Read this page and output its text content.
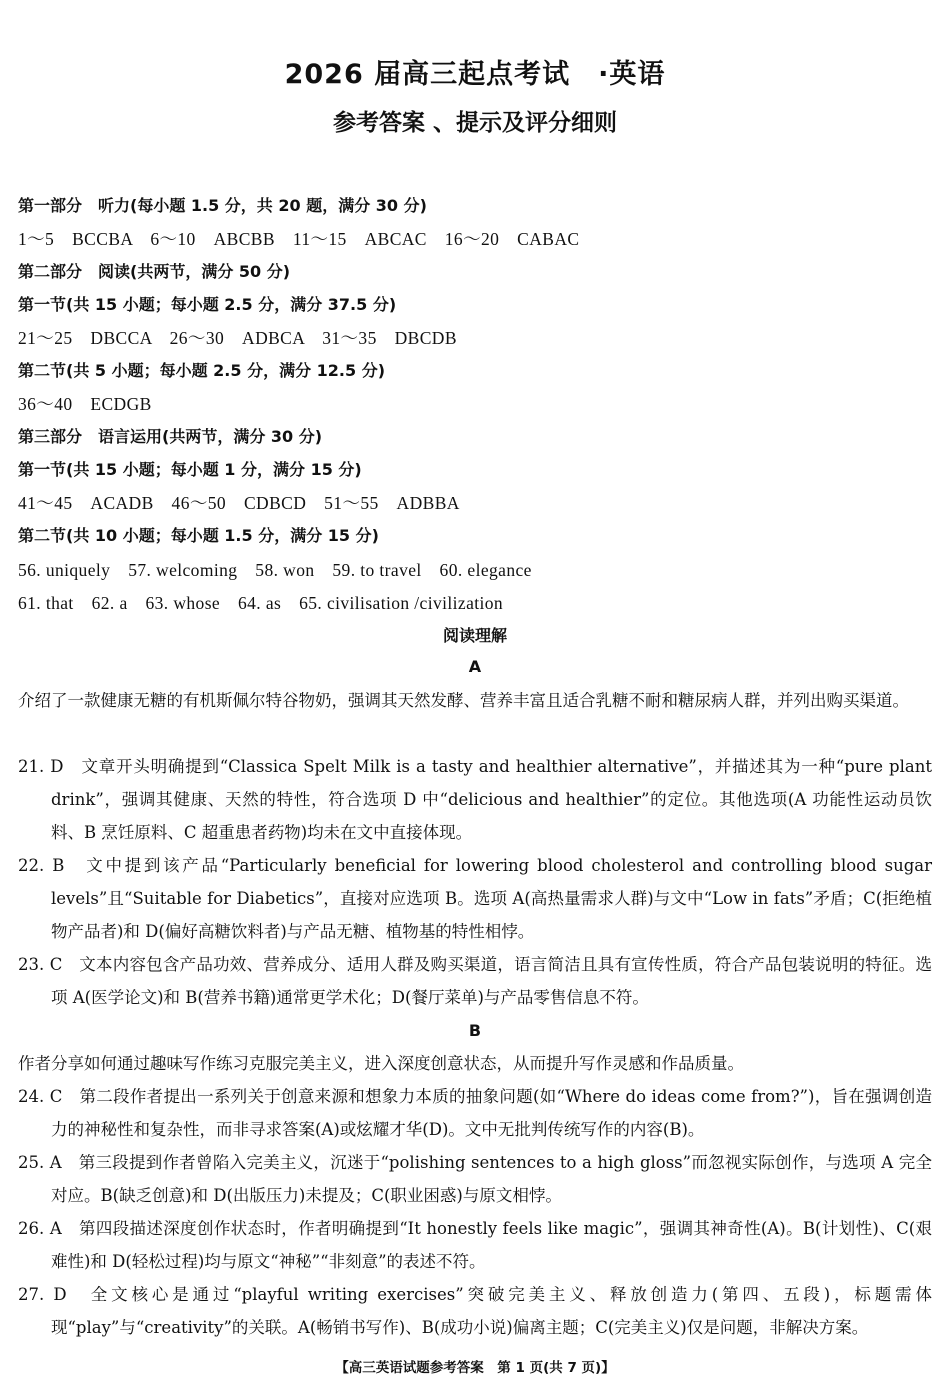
2026 届高三起点考试　·英语
参考答案 、提示及评分细则
第一部分　听力(每小题 1.5 分，共 20 题，满分 30 分)
1～5　BCCBA　6～10　ABCBB　11～15　ABCAC　16～20　CABAC
第二部分　阅读(共两节，满分 50 分)
第一节(共 15 小题；每小题 2.5 分，满分 37.5 分)
21～25　DBCCA　26～30　ADBCA　31～35　DBCDB
第二节(共 5 小题；每小题 2.5 分，满分 12.5 分)
36～40　ECDGB
第三部分　语言运用(共两节，满分 30 分)
第一节(共 15 小题；每小题 1 分，满分 15 分)
41～45　ACADB　46～50　CDBCD　51～55　ADBBA
第二节(共 10 小题；每小题 1.5 分，满分 15 分)
56. uniquely　57. welcoming　58. won　59. to travel　60. elegance
61. that　62. a　63. whose　64. as　65. civilisation /civilization
阅读理解
A
介绍了一款健康无糖的有机斯佩尔特谷物奶，强调其天然发酵、营养丰富且适合乳糖不耐和糖尿病人群，并列出购买渠道。
21. D　文章开头明确提到“Classica Spelt Milk is a tasty and healthier alternative”，并描述其为一种“pure plant drink”，强调其健康、天然的特性，符合选项 D 中“delicious and healthier”的定位。其他选项(A 功能性运动员饮料、B 烹饪原料、C 超重患者药物)均未在文中直接体现。
22. B　文中提到该产品“Particularly beneficial for lowering blood cholesterol and controlling blood sugar levels”且“Suitable for Diabetics”，直接对应选项 B。选项 A(高热量需求人群)与文中“Low in fats”矛盾；C(拒绝植物产品者)和 D(偏好高糖饮料者)与产品无糖、植物基的特性相悖。
23. C　文本内容包含产品功效、营养成分、适用人群及购买渠道，语言简洁且具有宣传性质，符合产品包装说明的特征。选项 A(医学论文)和 B(营养书籍)通常更学术化；D(餐厅菜单)与产品零售信息不符。
B
作者分享如何通过趣味写作练习克服完美主义，进入深度创意状态，从而提升写作灵感和作品质量。
24. C　第二段作者提出一系列关于创意来源和想象力本质的抽象问题(如“Where do ideas come from?”)，旨在强调创造力的神秘性和复杂性，而非寻求答案(A)或炫耀才华(D)。文中无批判传统写作的内容(B)。
25. A　第三段提到作者曾陷入完美主义，沉迷于“polishing sentences to a high gloss”而忽视实际创作，与选项 A 完全对应。B(缺乏创意)和 D(出版压力)未提及；C(职业困惑)与原文相悖。
26. A　第四段描述深度创作状态时，作者明确提到“It honestly feels like magic”，强调其神奇性(A)。B(计划性)、C(艰难性)和 D(轻松过程)均与原文“神秘”“非刻意”的表述不符。
27. D　全文核心是通过“playful writing exercises”突破完美主义、释放创造力(第四、五段)，标题需体现“play”与“creativity”的关联。A(畅销书写作)、B(成功小说)偏离主题；C(完美主义)仅是问题，非解决方案。
【高三英语试题参考答案　第 1 页(共 7 页)】
